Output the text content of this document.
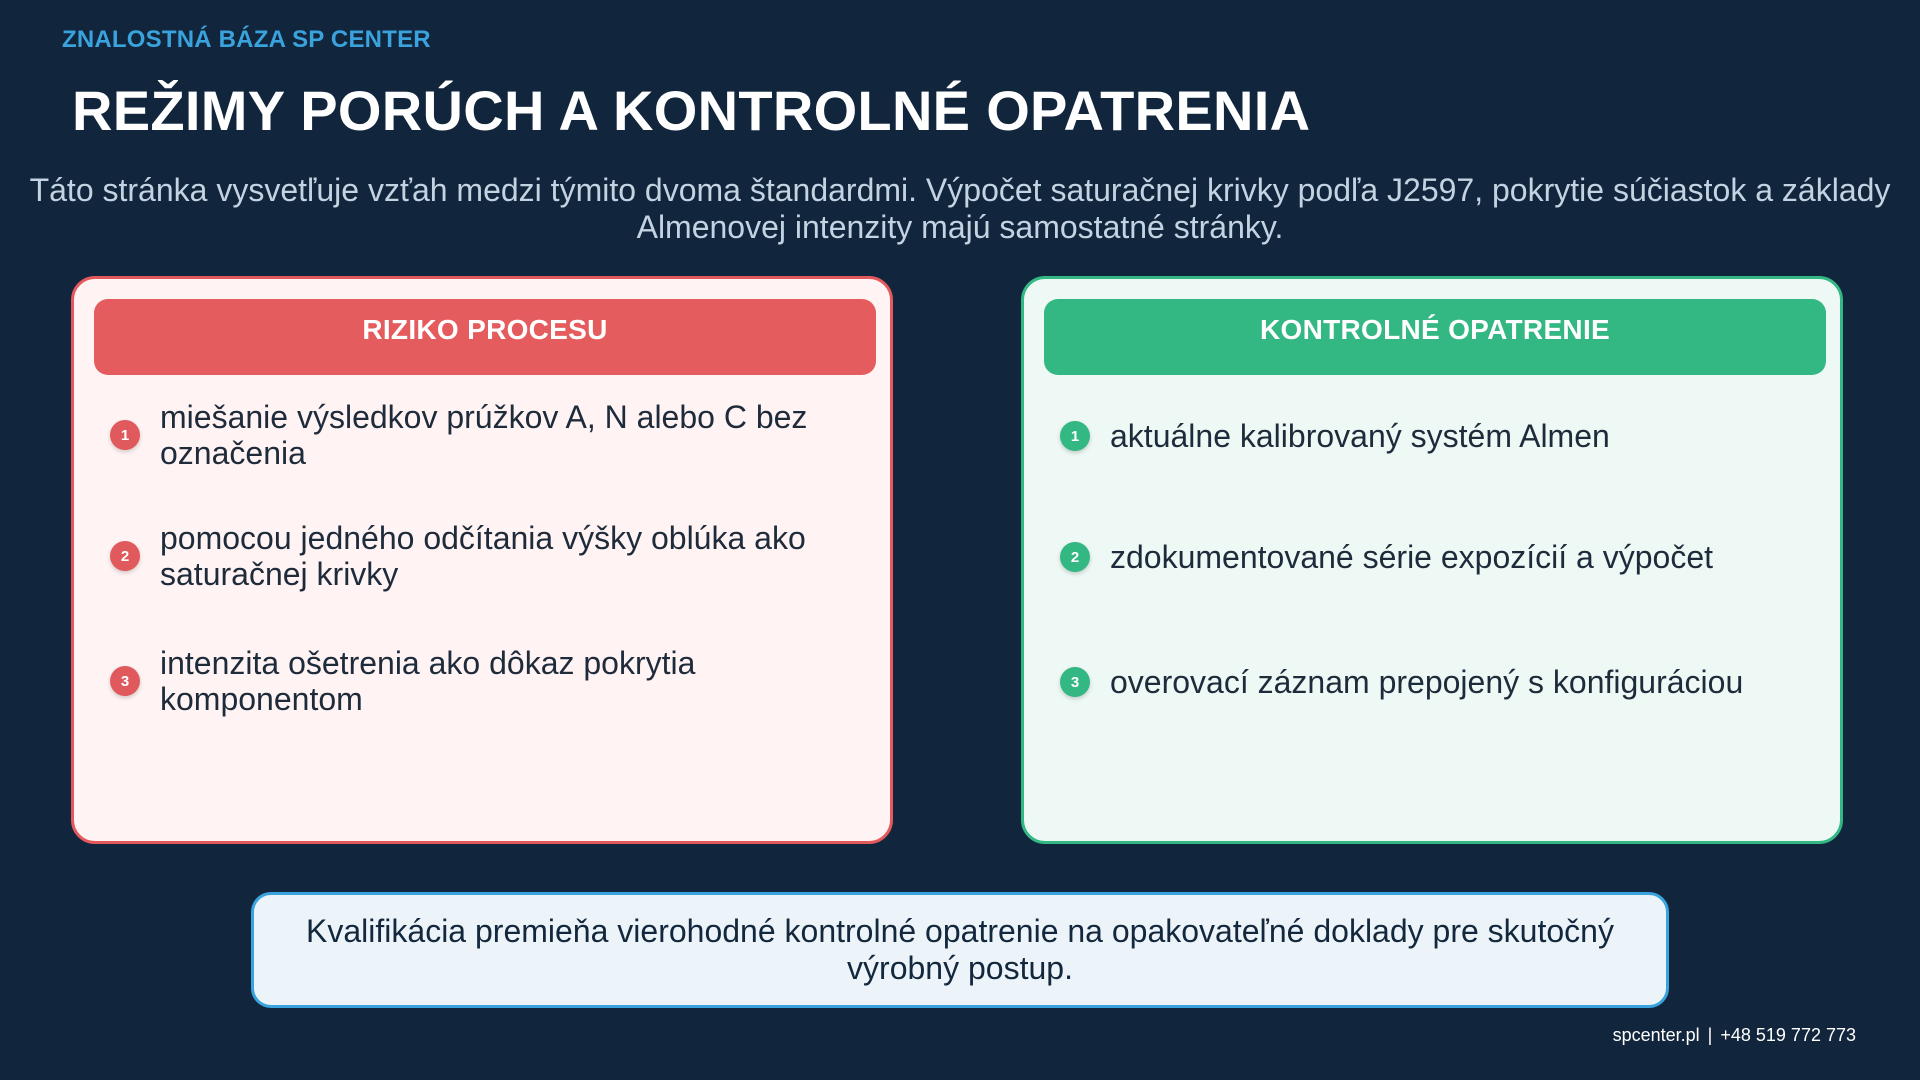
ZNALOSTNÁ BÁZA SP CENTER
REŽIMY PORÚCH A KONTROLNÉ OPATRENIA
Táto stránka vysvetľuje vzťah medzi týmito dvoma štandardmi. Výpočet saturačnej krivky podľa J2597, pokrytie súčiastok a základy Almenovej intenzity majú samostatné stránky.
RIZIKO PROCESU
1 miešanie výsledkov prúžkov A, N alebo C bez označenia
2 pomocou jedného odčítania výšky oblúka ako saturačnej krivky
3 intenzita ošetrenia ako dôkaz pokrytia komponentom
KONTROLNÉ OPATRENIE
1 aktuálne kalibrovaný systém Almen
2 zdokumentované série expozícií a výpočet
3 overovací záznam prepojený s konfiguráciou
Kvalifikácia premieňa vierohodné kontrolné opatrenie na opakovateľné doklady pre skutočný výrobný postup.
spcenter.pl | +48 519 772 773
